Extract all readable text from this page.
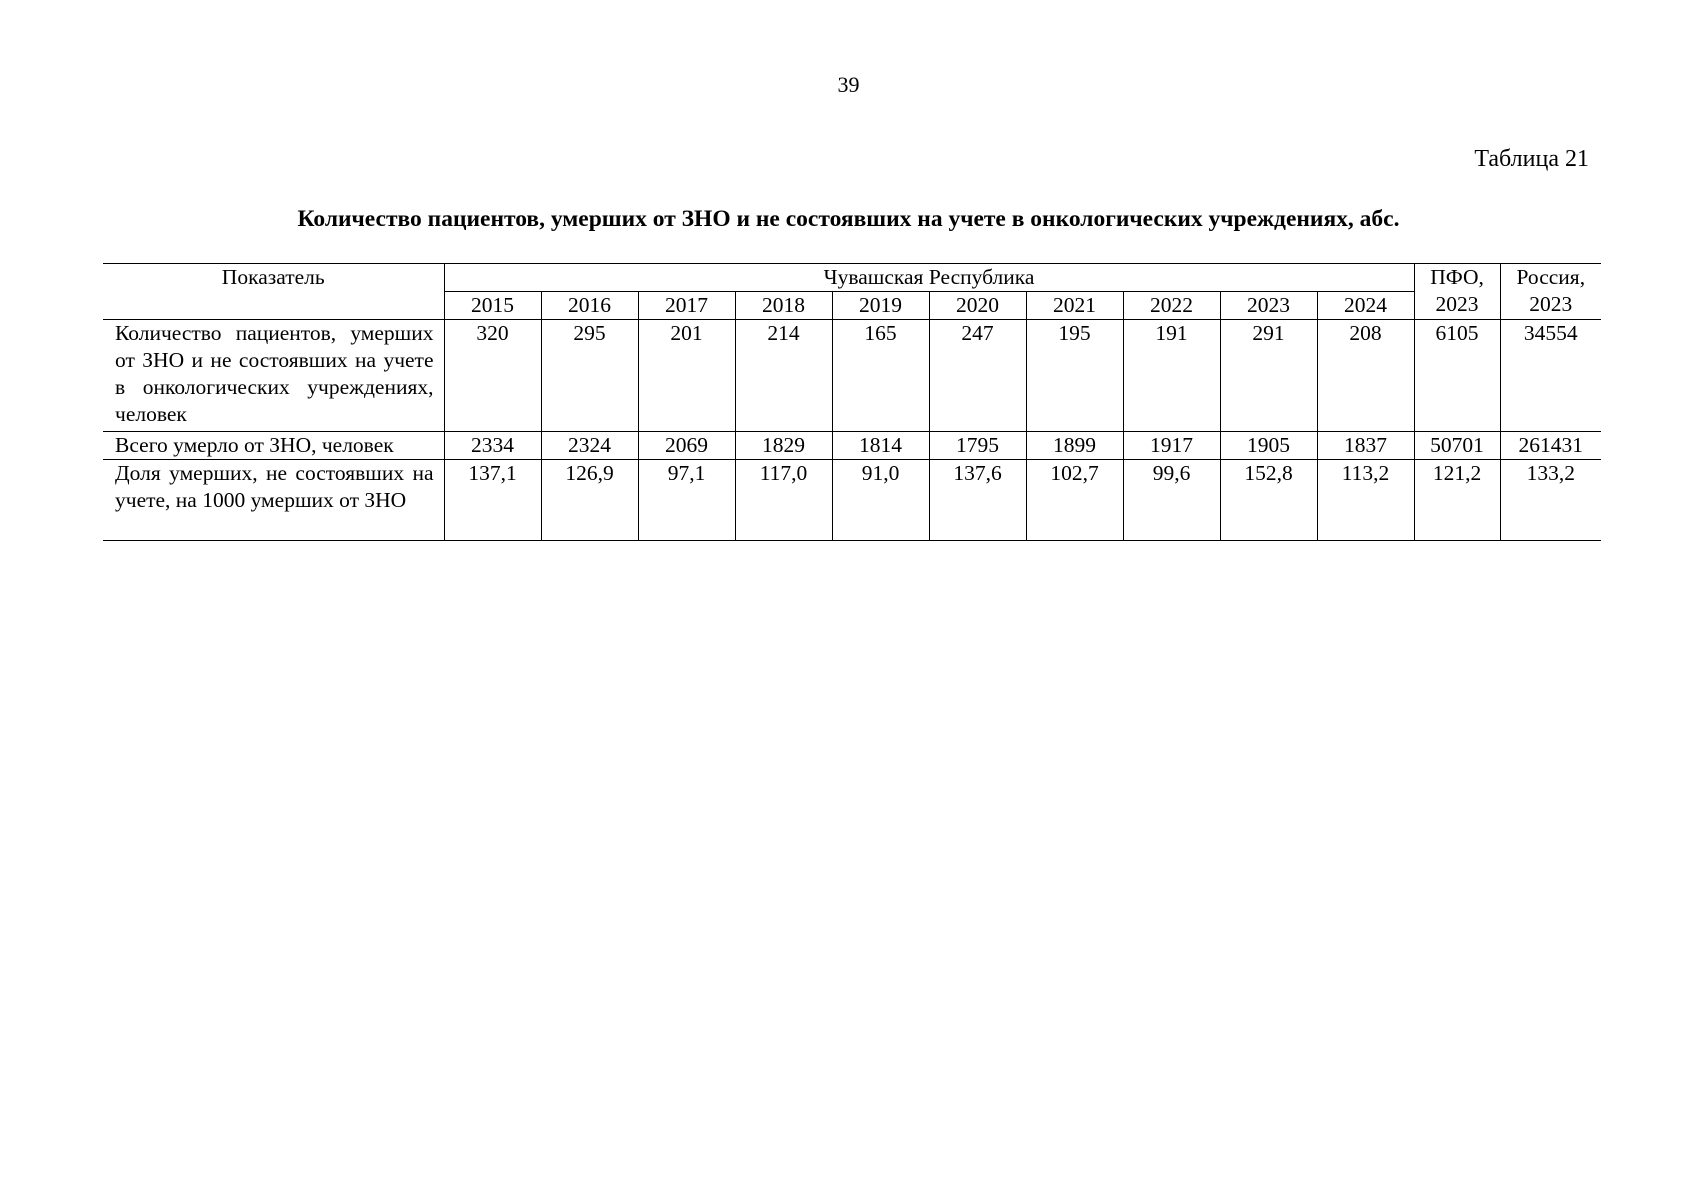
39
Таблица 21
Количество пациентов, умерших от ЗНО и не состоявших на учете в онкологических учреждениях, абс.
Показатель	Чувашская Республика										ПФО, 2023	Россия, 2023
	2015	2016	2017	2018	2019	2020	2021	2022	2023	2024		
Количество пациентов, умерших от ЗНО и не состоявших на учете в онкологических учреждениях, человек	320	295	201	214	165	247	195	191	291	208	6105	34554
Всего умерло от ЗНО, человек	2334	2324	2069	1829	1814	1795	1899	1917	1905	1837	50701	261431
Доля умерших, не состоявших на учете, на 1000 умерших от ЗНО	137,1	126,9	97,1	117,0	91,0	137,6	102,7	99,6	152,8	113,2	121,2	133,2
